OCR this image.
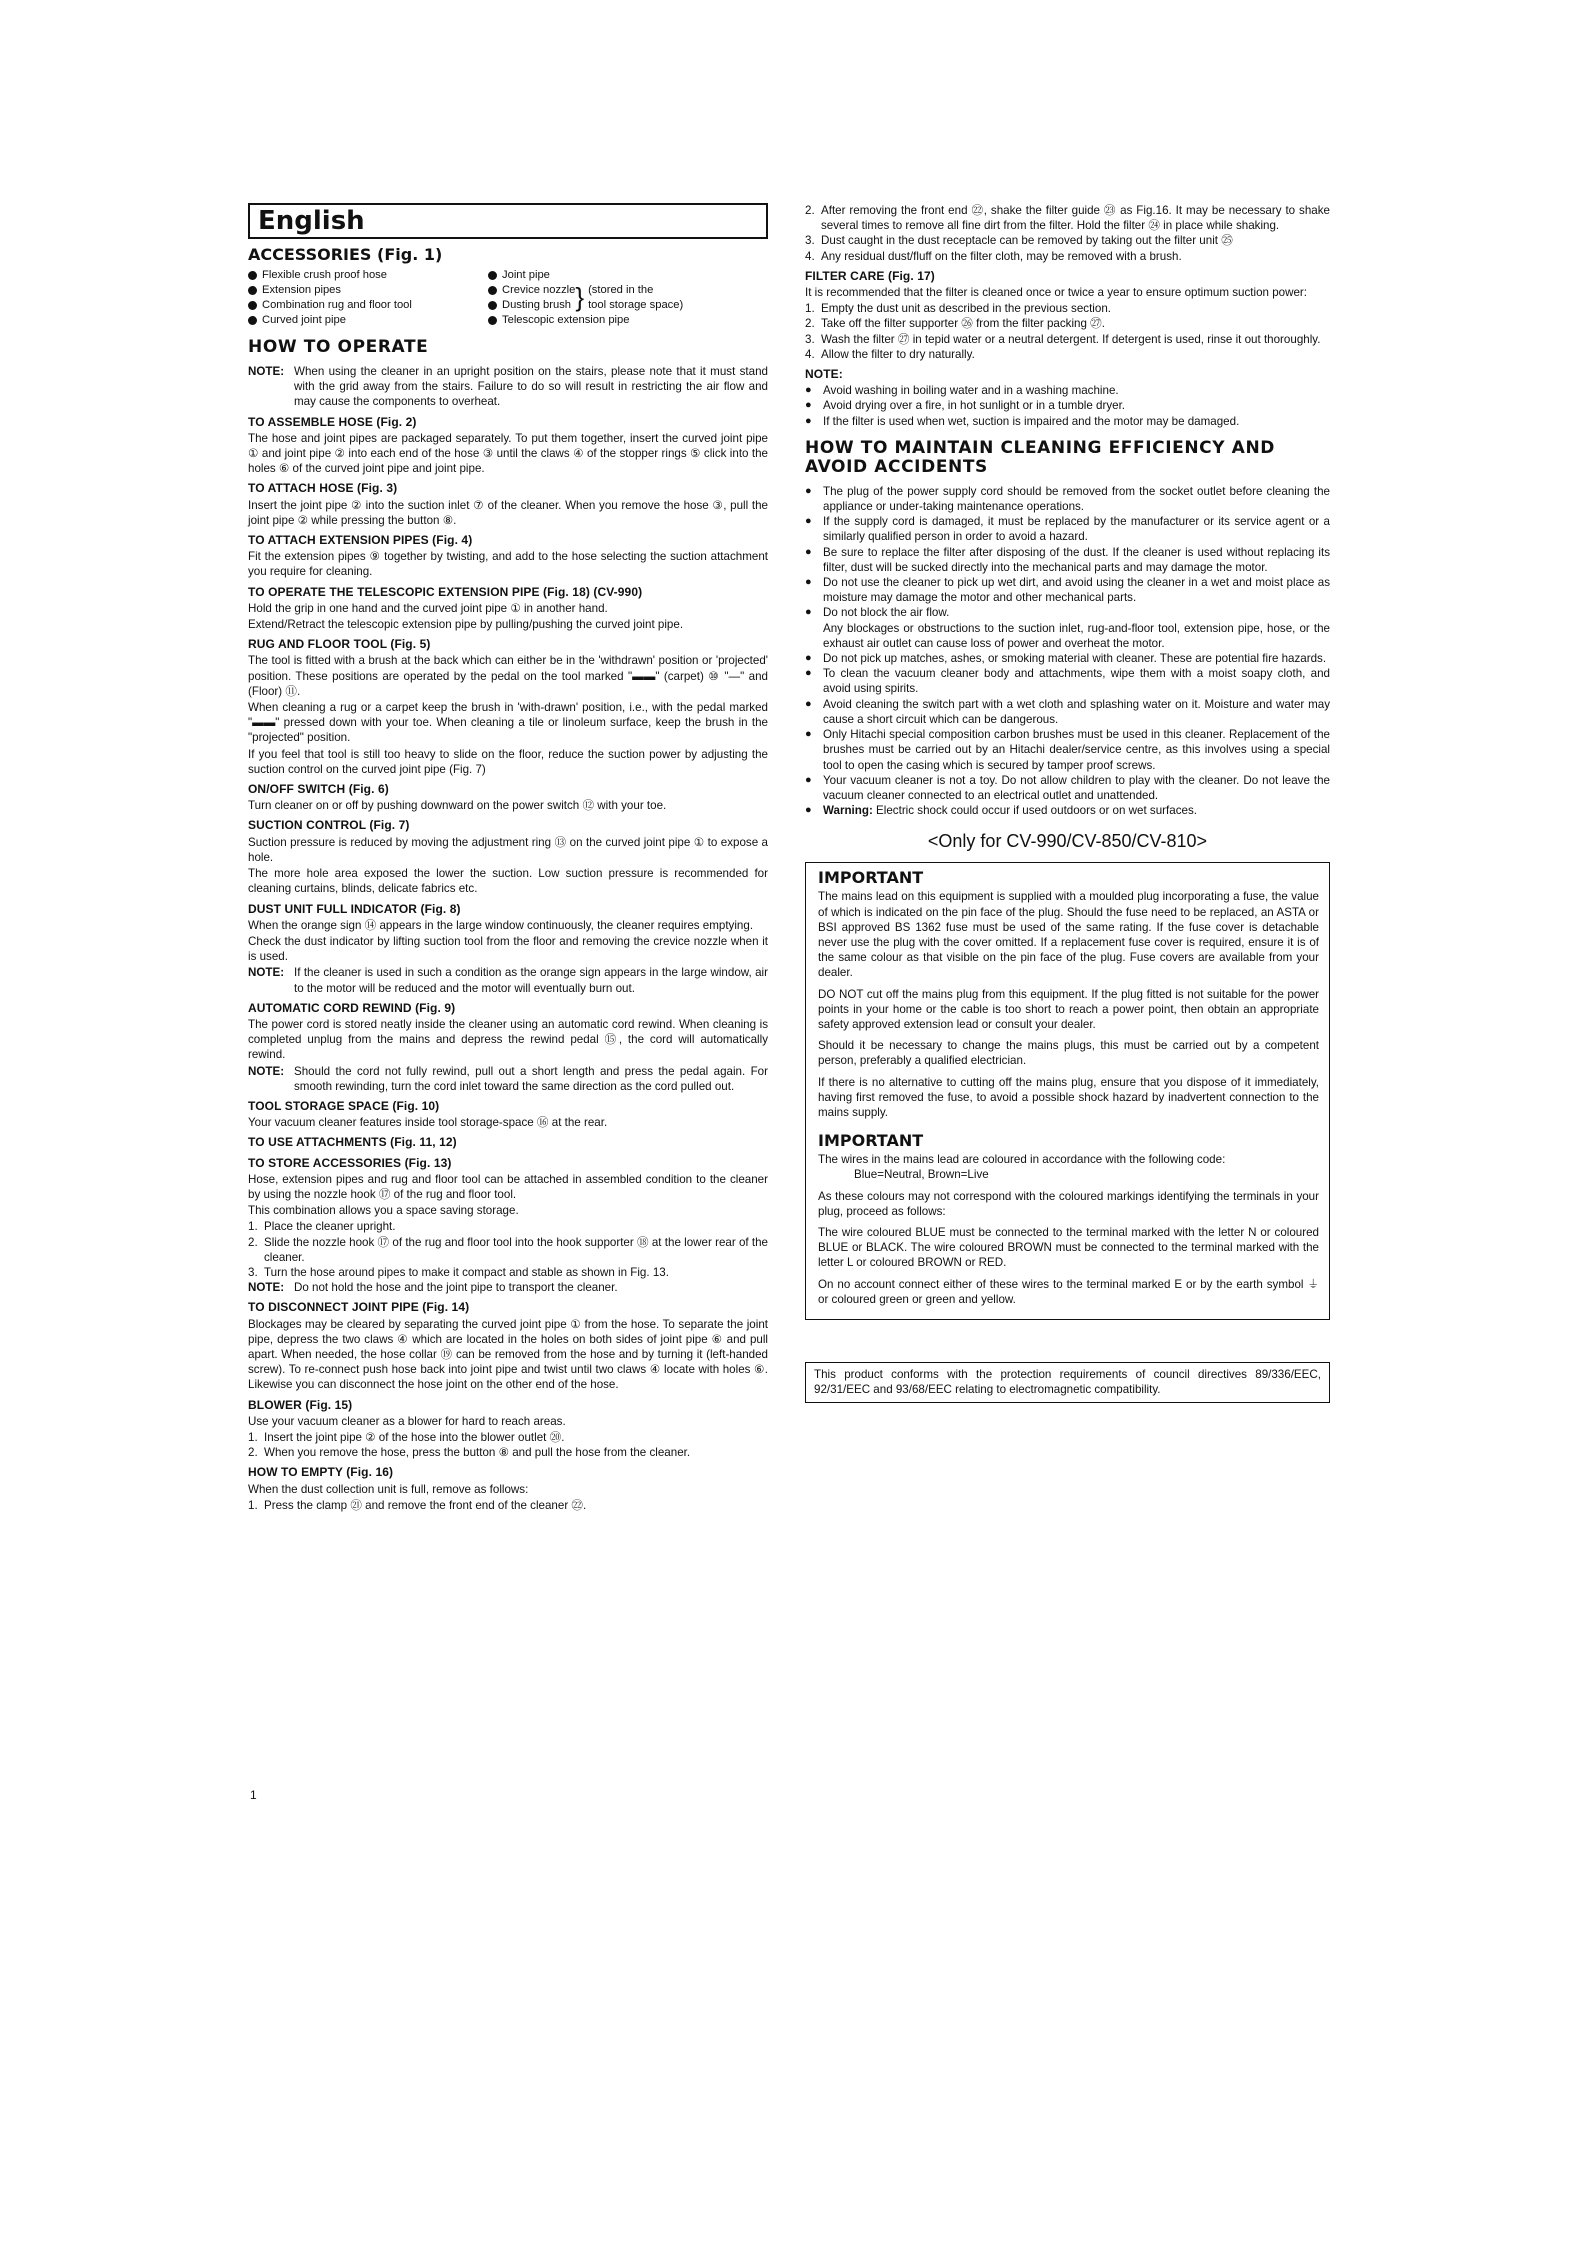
English
ACCESSORIES (Fig. 1)
Flexible crush proof hose
Extension pipes
Combination rug and floor tool
Curved joint pipe
Joint pipe
Crevice nozzle
Dusting brush } (stored in the
tool storage space)
Telescopic extension pipe
HOW TO OPERATE
NOTE: When using the cleaner in an upright position on the stairs, please note that it must stand with the grid away from the stairs. Failure to do so will result in restricting the air flow and may cause the components to overheat.
TO ASSEMBLE HOSE (Fig. 2)

The hose and joint pipes are packaged separately. To put them together, insert the curved joint pipe ① and joint pipe ② into each end of the hose ③ until the claws ④ of the stopper rings ⑤ click into the holes ⑥ of the curved joint pipe and joint pipe.

TO ATTACH HOSE (Fig. 3)

Insert the joint pipe ② into the suction inlet ⑦ of the cleaner. When you remove the hose ③, pull the joint pipe ② while pressing the button ⑧.

TO ATTACH EXTENSION PIPES (Fig. 4)

Fit the extension pipes ⑨ together by twisting, and add to the hose selecting the suction attachment you require for cleaning.

TO OPERATE THE TELESCOPIC EXTENSION PIPE (Fig. 18) (CV-990)

Hold the grip in one hand and the curved joint pipe ① in another hand.

Extend/Retract the telescopic extension pipe by pulling/pushing the curved joint pipe.

RUG AND FLOOR TOOL (Fig. 5)

The tool is fitted with a brush at the back which can either be in the 'withdrawn' position or 'projected' position. These positions are operated by the pedal on the tool marked "▬▬" (carpet) ⑩ "—" and (Floor) ⑪.

When cleaning a rug or a carpet keep the brush in 'with-drawn' position, i.e., with the pedal marked "▬▬" pressed down with your toe. When cleaning a tile or linoleum surface, keep the brush in the "projected" position.

If you feel that tool is still too heavy to slide on the floor, reduce the suction power by adjusting the suction control on the curved joint pipe (Fig. 7)

ON/OFF SWITCH (Fig. 6)

Turn cleaner on or off by pushing downward on the power switch ⑫ with your toe.

SUCTION CONTROL (Fig. 7)

Suction pressure is reduced by moving the adjustment ring ⑬ on the curved joint pipe ① to expose a hole.

The more hole area exposed the lower the suction. Low suction pressure is recommended for cleaning curtains, blinds, delicate fabrics etc.

DUST UNIT FULL INDICATOR (Fig. 8)

When the orange sign ⑭ appears in the large window continuously, the cleaner requires emptying.

Check the dust indicator by lifting suction tool from the floor and removing the crevice nozzle when it is used.

NOTE: If the cleaner is used in such a condition as the orange sign appears in the large window, air to the motor will be reduced and the motor will eventually burn out.
AUTOMATIC CORD REWIND (Fig. 9)

The power cord is stored neatly inside the cleaner using an automatic cord rewind. When cleaning is completed unplug from the mains and depress the rewind pedal ⑮, the cord will automatically rewind.

NOTE: Should the cord not fully rewind, pull out a short length and press the pedal again. For smooth rewinding, turn the cord inlet toward the same direction as the cord pulled out.
TOOL STORAGE SPACE (Fig. 10)

Your vacuum cleaner features inside tool storage-space ⑯ at the rear.

TO USE ATTACHMENTS (Fig. 11, 12)
TO STORE ACCESSORIES (Fig. 13)

Hose, extension pipes and rug and floor tool can be attached in assembled condition to the cleaner by using the nozzle hook ⑰ of the rug and floor tool.

This combination allows you a space saving storage.

1. Place the cleaner upright.
2. Slide the nozzle hook ⑰ of the rug and floor tool into the hook supporter ⑱ at the lower rear of the cleaner.
3. Turn the hose around pipes to make it compact and stable as shown in Fig. 13.
NOTE: Do not hold the hose and the joint pipe to transport the cleaner.
TO DISCONNECT JOINT PIPE (Fig. 14)

Blockages may be cleared by separating the curved joint pipe ① from the hose. To separate the joint pipe, depress the two claws ④ which are located in the holes on both sides of joint pipe ⑥ and pull apart. When needed, the hose collar ⑲ can be removed from the hose and by turning it (left-handed screw). To re-connect push hose back into joint pipe and twist until two claws ④ locate with holes ⑥. Likewise you can disconnect the hose joint on the other end of the hose.

BLOWER (Fig. 15)

Use your vacuum cleaner as a blower for hard to reach areas.

1. Insert the joint pipe ② of the hose into the blower outlet ⑳.
2. When you remove the hose, press the button ⑧ and pull the hose from the cleaner.
HOW TO EMPTY (Fig. 16)

When the dust collection unit is full, remove as follows:

1. Press the clamp ㉑ and remove the front end of the cleaner ㉒.
1
2. After removing the front end ㉒, shake the filter guide ㉓ as Fig.16. It may be necessary to shake several times to remove all fine dirt from the filter. Hold the filter ㉔ in place while shaking.
3. Dust caught in the dust receptacle can be removed by taking out the filter unit ㉕
4. Any residual dust/fluff on the filter cloth, may be removed with a brush.
FILTER CARE (Fig. 17)

It is recommended that the filter is cleaned once or twice a year to ensure optimum suction power:

1. Empty the dust unit as described in the previous section.
2. Take off the filter supporter ㉖ from the filter packing ㉗.
3. Wash the filter ㉗ in tepid water or a neutral detergent. If detergent is used, rinse it out thoroughly.
4. Allow the filter to dry naturally.
NOTE:
● Avoid washing in boiling water and in a washing machine.
● Avoid drying over a fire, in hot sunlight or in a tumble dryer.
● If the filter is used when wet, suction is impaired and the motor may be damaged.
HOW TO MAINTAIN CLEANING EFFICIENCY AND AVOID ACCIDENTS
● The plug of the power supply cord should be removed from the socket outlet before cleaning the appliance or under-taking maintenance operations.
● If the supply cord is damaged, it must be replaced by the manufacturer or its service agent or a similarly qualified person in order to avoid a hazard.
● Be sure to replace the filter after disposing of the dust. If the cleaner is used without replacing its filter, dust will be sucked directly into the mechanical parts and may damage the motor.
● Do not use the cleaner to pick up wet dirt, and avoid using the cleaner in a wet and moist place as moisture may damage the motor and other mechanical parts.
● Do not block the air flow.
Any blockages or obstructions to the suction inlet, rug-and-floor tool, extension pipe, hose, or the exhaust air outlet can cause loss of power and overheat the motor.
● Do not pick up matches, ashes, or smoking material with cleaner. These are potential fire hazards.
● To clean the vacuum cleaner body and attachments, wipe them with a moist soapy cloth, and avoid using spirits.
● Avoid cleaning the switch part with a wet cloth and splashing water on it. Moisture and water may cause a short circuit which can be dangerous.
● Only Hitachi special composition carbon brushes must be used in this cleaner. Replacement of the brushes must be carried out by an Hitachi dealer/service centre, as this involves using a special tool to open the casing which is secured by tamper proof screws.
● Your vacuum cleaner is not a toy. Do not allow children to play with the cleaner. Do not leave the vacuum cleaner connected to an electrical outlet and unattended.
● Warning: Electric shock could occur if used outdoors or on wet surfaces.
<Only for CV-990/CV-850/CV-810>
IMPORTANT

The mains lead on this equipment is supplied with a moulded plug incorporating a fuse, the value of which is indicated on the pin face of the plug. Should the fuse need to be replaced, an ASTA or BSI approved BS 1362 fuse must be used of the same rating. If the fuse cover is detachable never use the plug with the cover omitted. If a replacement fuse cover is required, ensure it is of the same colour as that visible on the pin face of the plug. Fuse covers are available from your dealer.

DO NOT cut off the mains plug from this equipment. If the plug fitted is not suitable for the power points in your home or the cable is too short to reach a power point, then obtain an appropriate safety approved extension lead or consult your dealer.

Should it be necessary to change the mains plugs, this must be carried out by a competent person, preferably a qualified electrician.

If there is no alternative to cutting off the mains plug, ensure that you dispose of it immediately, having first removed the fuse, to avoid a possible shock hazard by inadvertent connection to the mains supply.

IMPORTANT

The wires in the mains lead are coloured in accordance with the following code:

Blue=Neutral, Brown=Live

As these colours may not correspond with the coloured markings identifying the terminals in your plug, proceed as follows:

The wire coloured BLUE must be connected to the terminal marked with the letter N or coloured BLUE or BLACK. The wire coloured BROWN must be connected to the terminal marked with the letter L or coloured BROWN or RED.

On no account connect either of these wires to the terminal marked E or by the earth symbol ⏚ or coloured green or green and yellow.

This product conforms with the protection requirements of council directives 89/336/EEC, 92/31/EEC and 93/68/EEC relating to electromagnetic compatibility.
